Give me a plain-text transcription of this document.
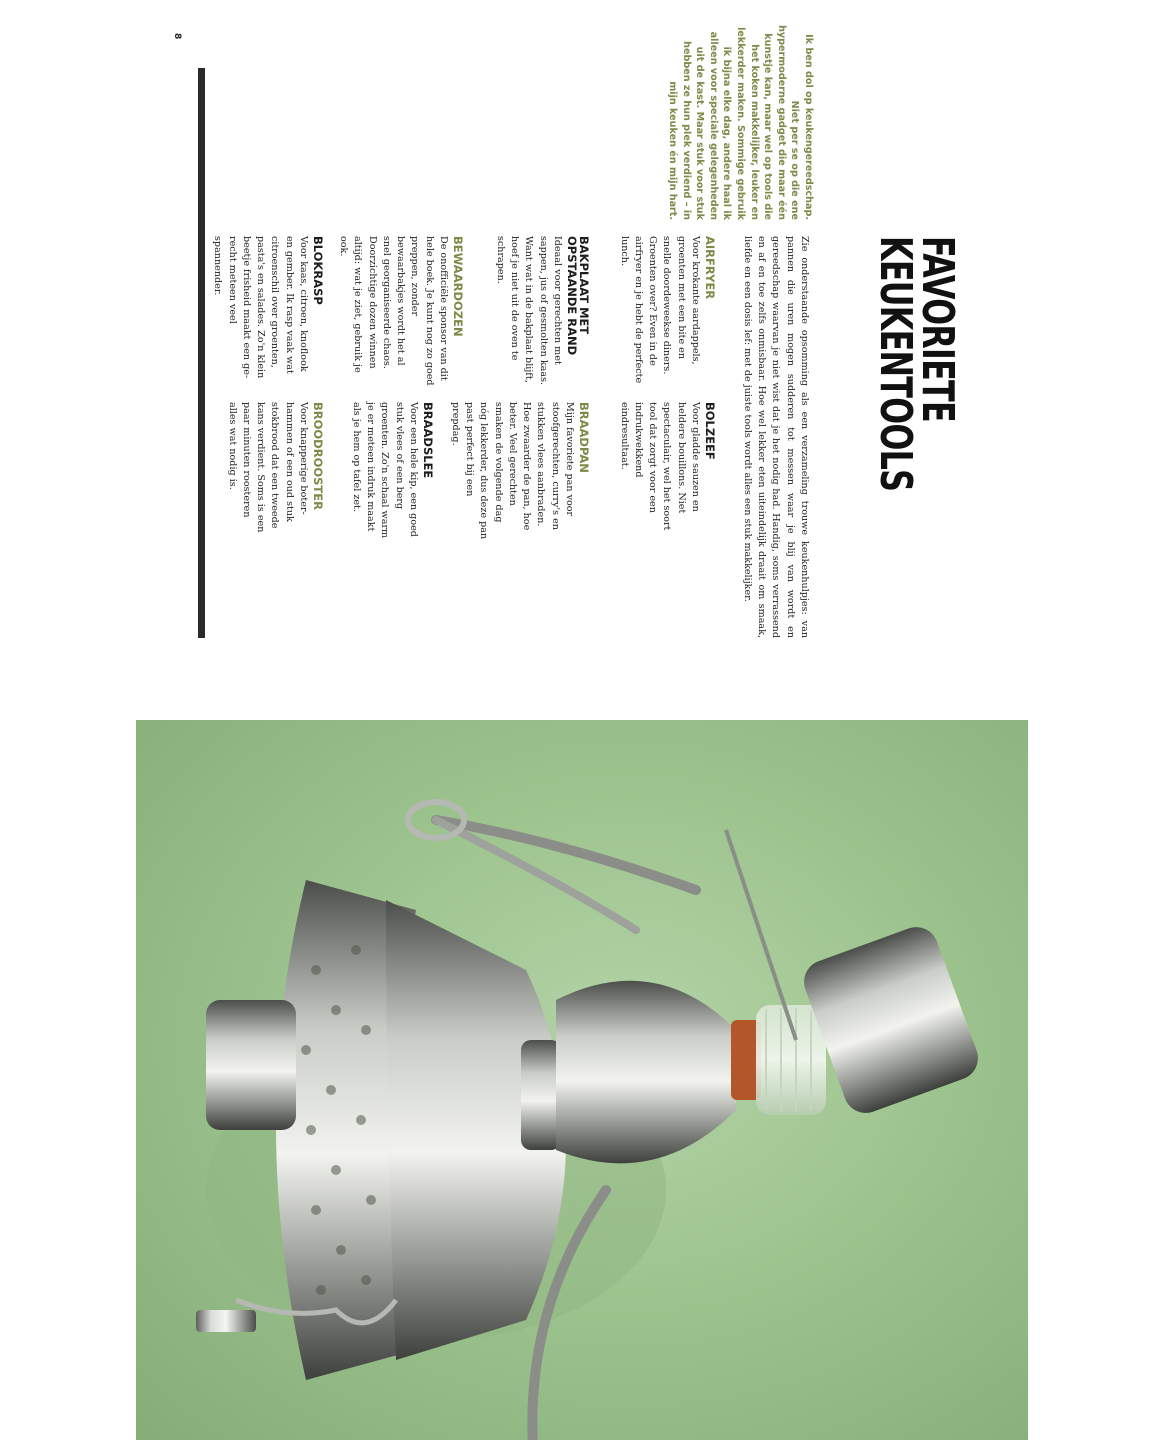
8
FAVORIETE
KEUKENTOOLS
Ik ben dol op keukengereedschap. Niet per se op die ene hypermoderne gadget die maar één kunstje kan, maar wel op tools die het koken makkelijker, leuker en lekkerder maken. Sommige gebruik ik bijna elke dag, andere haal ik alleen voor speciale gelegenheden uit de kast. Maar stuk voor stuk hebben ze hun plek verdiend – in mijn keuken én mijn hart.
Zie onderstaande opsomming als een verzameling trouwe keukenhulpjes: van pannen die uren mogen sudderen tot messen waar je blij van wordt en gereedschap waarvan je niet wist dat je het nodig had. Handig, soms verrassend en af en toe zelfs onmisbaar. Hoe wel lekker eten uiteindelijk draait om smaak, liefde en een dosis lef: met de juiste tools wordt alles een stuk makkelijker.
AIRFRYER
Voor krokante aardappels, groenten met een bite en snelle doordeweekse diners. Groenten over? Even in de airfryer en je hebt de perfecte lunch.
BOLZEEF
Voor gladde sauzen en heldere bouillons. Niet spectaculair, wel het soort tool dat zorgt voor een indrukwekkend eindresultaat.
BAKPLAAT MET OPSTAANDE RAND
Ideaal voor gerechten met sappen, jus of gesmolten kaas. Want wat in de bakplaat blijft, hoef je niet uit de oven te schrapen.
BRAADPAN
Mijn favoriete pan voor stoofgerechten, curry's en stukken vlees aanbraden. Hoe zwaarder de pan, hoe beter. Veel gerechten smaken de volgende dag nóg lekkerder, dus deze pan past perfect bij een prepdag.
BEWAARDOZEN
De onofficiële sponsor van dit hele boek. Je kunt nog zo goed preppen, zonder bewaarbakjes wordt het al snel georganiseerde chaos. Doorzichtige dozen winnen altijd: wat je ziet, gebruik je ook.
BRAADSLEE
Voor een hele kip, een goed stuk vlees of een berg groenten. Zo'n schaal warm je er meteen indruk maakt als je hem op tafel zet.
BLOKRASP
Voor kaas, citroen, knoflook en gember. Ik rasp vaak wat citroenschil over groenten, pasta's en salades. Zo'n klein beetje frisheid maakt een gerecht meteen veel spannender.
BROODROOSTER
Voor knapperige boterhammen of een oud stuk stokbrood dat een tweede kans verdient. Soms is een paar minuten roosteren alles wat nodig is.
